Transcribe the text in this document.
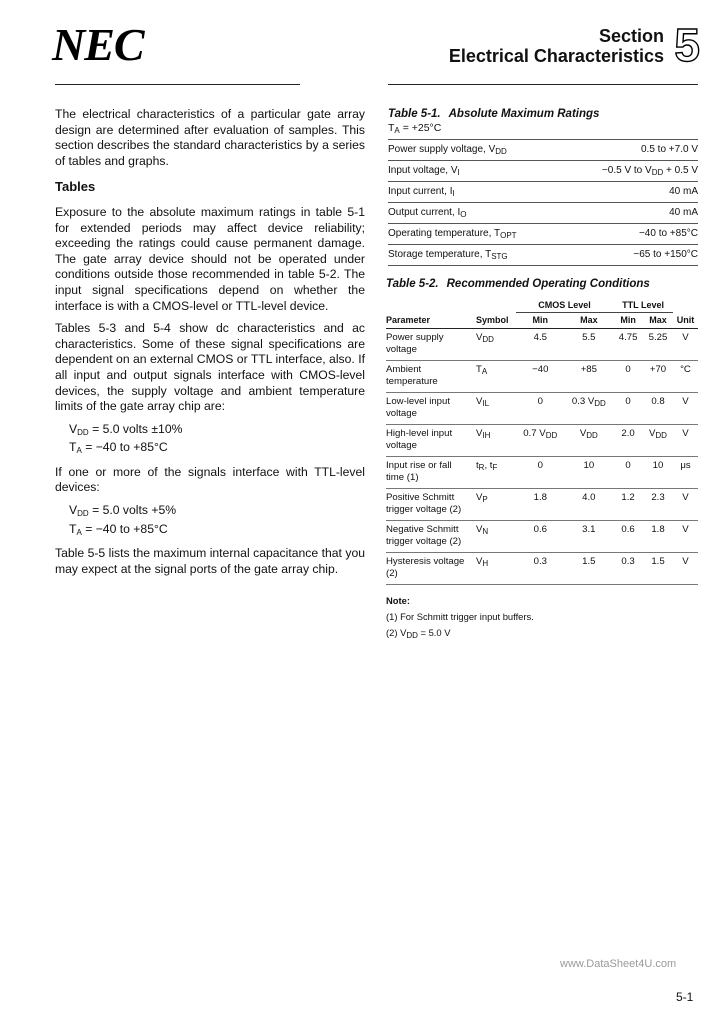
NEC	Section 5
Electrical Characteristics

The electrical characteristics of a particular gate array design are determined after evaluation of samples. This section describes the standard characteristics by a series of tables and graphs.

Tables

Exposure to the absolute maximum ratings in table 5-1 for extended periods may affect device reliability; exceeding the ratings could cause permanent damage. The gate array device should not be operated under conditions outside those recommended in table 5-2. The input signal specifications depend on whether the interface is with a CMOS-level or TTL-level device.

Tables 5-3 and 5-4 show dc characteristics and ac characteristics. Some of these signal specifications are dependent on an external CMOS or TTL interface, also. If all input and output signals interface with CMOS-level devices, the supply voltage and ambient temperature limits of the gate array chip are:

$V_{DD} = 5.0$ volts ±10%
$T_A = -40$ to +85°C

If one or more of the signals interface with TTL-level devices:

$V_{DD} = 5.0$ volts +5%
$T_A = -40$ to +85°C

Table 5-5 lists the maximum internal capacitance that you may expect at the signal ports of the gate array chip.

Table 5-1. Absolute Maximum Ratings
$T_A = +25^\circ C$
Power supply voltage, $V_{DD}$	0.5 to +7.0 V
Input voltage, $V_I$	−0.5 V to $V_{DD} + 0.5$ V
Input current, $I_I$	40 mA
Output current, $I_O$	40 mA
Operating temperature, $T_{OPT}$	−40 to +85°C
Storage temperature, $T_{STG}$	−65 to +150°C
Table 5-2. Recommended Operating Conditions
		CMOS Level		TTL Level		
Parameter	Symbol	Min	Max	Min	Max	Unit
Power supply voltage	$V_{DD}$	4.5	5.5	4.75	5.25	V
Ambient temperature	$T_A$	−40	+85	0	+70	°C
Low-level input voltage	$V_{IL}$	0	0.3 $V_{DD}$	0	0.8	V
High-level input voltage	$V_{IH}$	0.7 $V_{DD}$	$V_{DD}$	2.0	$V_{DD}$	V
Input rise or fall time (1)	$t_R$, $t_F$	0	10	0	10	μs
Positive Schmitt trigger voltage (2)	$V_P$	1.8	4.0	1.2	2.3	V
Negative Schmitt trigger voltage (2)	$V_N$	0.6	3.1	0.6	1.8	V
Hysteresis voltage (2)	$V_H$	0.3	1.5	0.3	1.5	V
Note:
(1) For Schmitt trigger input buffers.
(2) $V_{DD} = 5.0$ V
www.DataSheet4U.com
5-1
